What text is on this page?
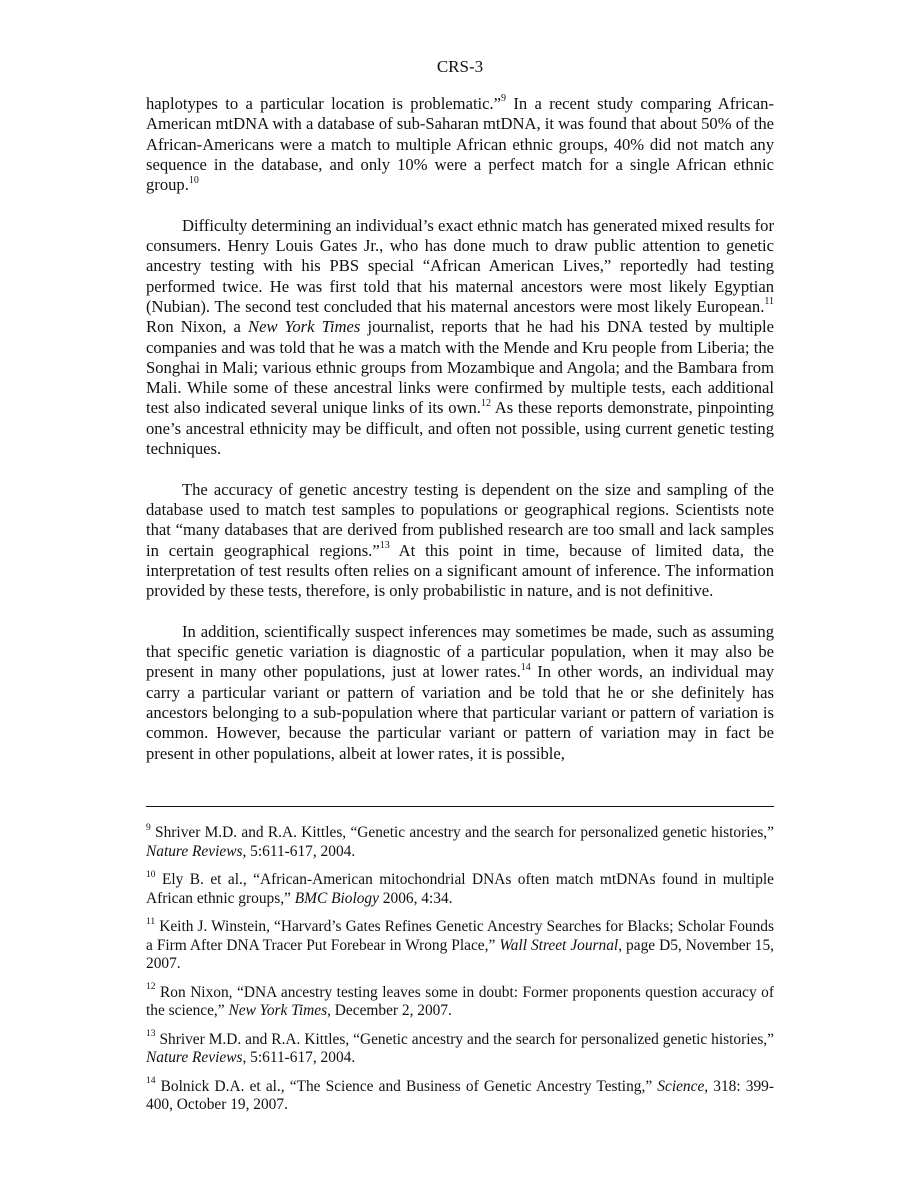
CRS-3

haplotypes to a particular location is problematic.”$^9$ In a recent study comparing African-American mtDNA with a database of sub-Saharan mtDNA, it was found that about 50% of the African-Americans were a match to multiple African ethnic groups, 40% did not match any sequence in the database, and only 10% were a perfect match for a single African ethnic group.$^{10}$

Difficulty determining an individual’s exact ethnic match has generated mixed results for consumers. Henry Louis Gates Jr., who has done much to draw public attention to genetic ancestry testing with his PBS special “African American Lives,” reportedly had testing performed twice. He was first told that his maternal ancestors were most likely Egyptian (Nubian). The second test concluded that his maternal ancestors were most likely European.$^{11}$ Ron Nixon, a New York Times journalist, reports that he had his DNA tested by multiple companies and was told that he was a match with the Mende and Kru people from Liberia; the Songhai in Mali; various ethnic groups from Mozambique and Angola; and the Bambara from Mali. While some of these ancestral links were confirmed by multiple tests, each additional test also indicated several unique links of its own.$^{12}$ As these reports demonstrate, pinpointing one’s ancestral ethnicity may be difficult, and often not possible, using current genetic testing techniques.

The accuracy of genetic ancestry testing is dependent on the size and sampling of the database used to match test samples to populations or geographical regions. Scientists note that “many databases that are derived from published research are too small and lack samples in certain geographical regions.”$^{13}$ At this point in time, because of limited data, the interpretation of test results often relies on a significant amount of inference. The information provided by these tests, therefore, is only probabilistic in nature, and is not definitive.

In addition, scientifically suspect inferences may sometimes be made, such as assuming that specific genetic variation is diagnostic of a particular population, when it may also be present in many other populations, just at lower rates.$^{14}$ In other words, an individual may carry a particular variant or pattern of variation and be told that he or she definitely has ancestors belonging to a sub-population where that particular variant or pattern of variation is common. However, because the particular variant or pattern of variation may in fact be present in other populations, albeit at lower rates, it is possible,

$^9$ Shriver M.D. and R.A. Kittles, “Genetic ancestry and the search for personalized genetic histories,” Nature Reviews, 5:611-617, 2004.

$^{10}$ Ely B. et al., “African-American mitochondrial DNAs often match mtDNAs found in multiple African ethnic groups,” BMC Biology 2006, 4:34.

$^{11}$ Keith J. Winstein, “Harvard’s Gates Refines Genetic Ancestry Searches for Blacks; Scholar Founds a Firm After DNA Tracer Put Forebear in Wrong Place,” Wall Street Journal, page D5, November 15, 2007.

$^{12}$ Ron Nixon, “DNA ancestry testing leaves some in doubt: Former proponents question accuracy of the science,” New York Times, December 2, 2007.

$^{13}$ Shriver M.D. and R.A. Kittles, “Genetic ancestry and the search for personalized genetic histories,” Nature Reviews, 5:611-617, 2004.

$^{14}$ Bolnick D.A. et al., “The Science and Business of Genetic Ancestry Testing,” Science, 318: 399-400, October 19, 2007.
